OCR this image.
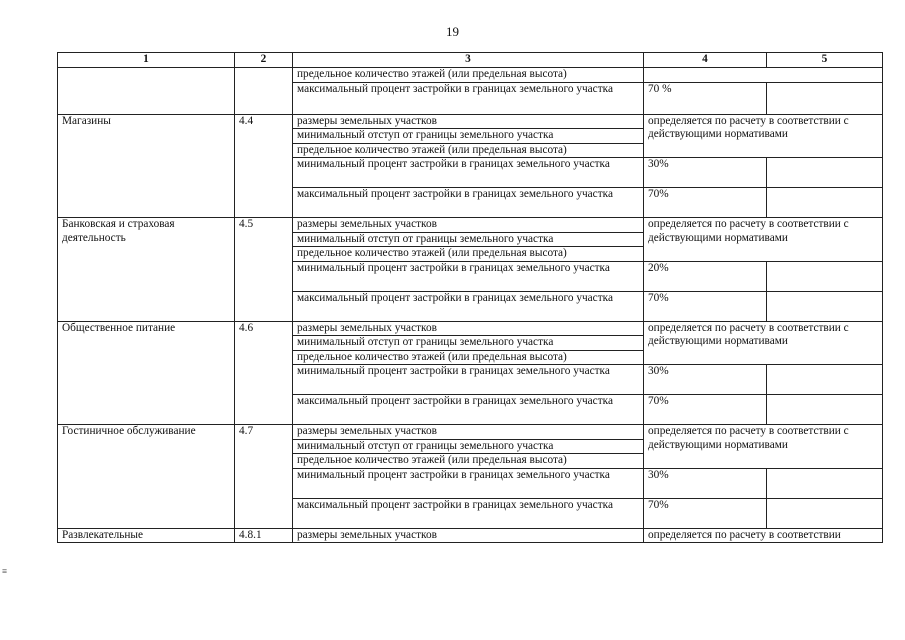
19
≡
1	2	3	4	5
		предельное количество этажей (или предельная высота)		
		максимальный процент застройки в границах земельного участка	70 %	
Магазины	4.4	размеры земельных участков	определяется по расчету в соответствии с действующими нормативами	
		минимальный отступ от границы земельного участка		
		предельное количество этажей (или предельная высота)		
		минимальный процент застройки в границах земельного участка	30%	
		максимальный процент застройки в границах земельного участка	70%	
Банковская и страховая деятельность	4.5	размеры земельных участков	определяется по расчету в соответствии с действующими нормативами	
		минимальный отступ от границы земельного участка		
		предельное количество этажей (или предельная высота)		
		минимальный процент застройки в границах земельного участка	20%	
		максимальный процент застройки в границах земельного участка	70%	
Общественное питание	4.6	размеры земельных участков	определяется по расчету в соответствии с действующими нормативами	
		минимальный отступ от границы земельного участка		
		предельное количество этажей (или предельная высота)		
		минимальный процент застройки в границах земельного участка	30%	
		максимальный процент застройки в границах земельного участка	70%	
Гостиничное обслуживание	4.7	размеры земельных участков	определяется по расчету в соответствии с действующими нормативами	
		минимальный отступ от границы земельного участка		
		предельное количество этажей (или предельная высота)		
		минимальный процент застройки в границах земельного участка	30%	
		максимальный процент застройки в границах земельного участка	70%	
Развлекательные	4.8.1	размеры земельных участков	определяется по расчету в соответствии	
